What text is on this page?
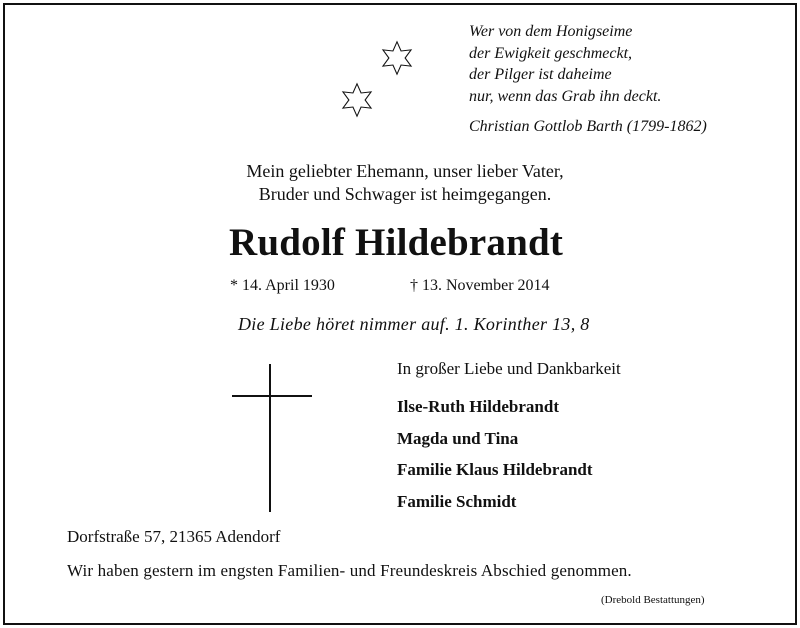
Wer von dem Honigseime
der Ewigkeit geschmeckt,
der Pilger ist daheime
nur, wenn das Grab ihn deckt.
Christian Gottlob Barth (1799-1862)
Mein geliebter Ehemann, unser lieber Vater,
Bruder und Schwager ist heimgegangen.
Rudolf Hildebrandt
* 14. April 1930	† 13. November 2014
Die Liebe höret nimmer auf. 1. Korinther 13, 8
In großer Liebe und Dankbarkeit
Ilse-Ruth Hildebrandt
Magda und Tina
Familie Klaus Hildebrandt
Familie Schmidt
Dorfstraße 57, 21365 Adendorf
Wir haben gestern im engsten Familien- und Freundeskreis Abschied genommen.
(Drebold Bestattungen)
